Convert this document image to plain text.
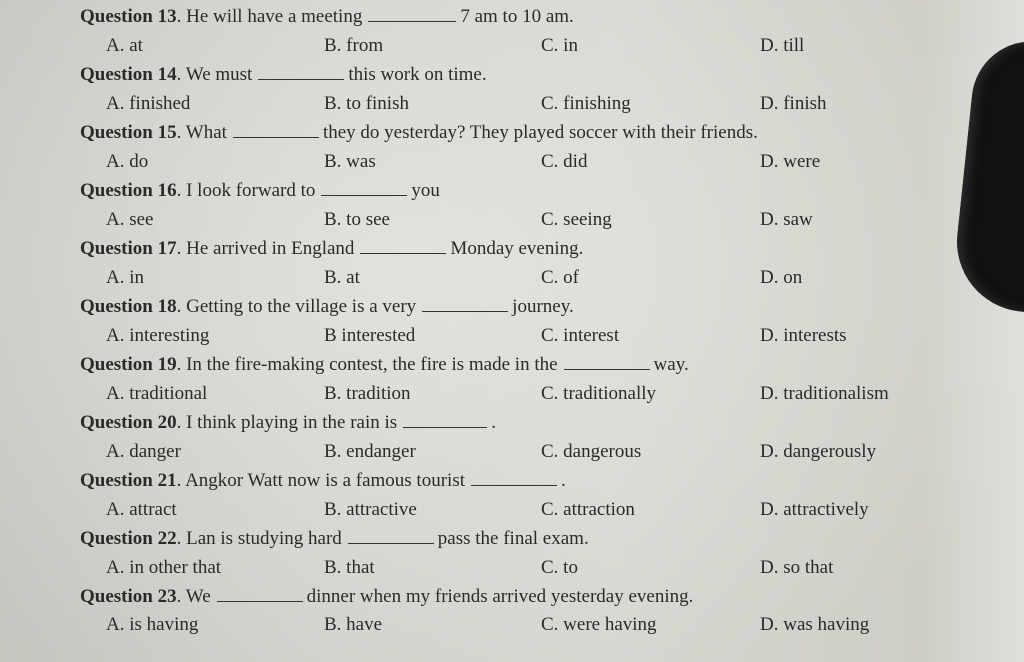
Question 13. He will have a meeting	7 am to 10 am.
A. at	B. from	C. in	D. till
Question 14. We must	this work on time.
A. finished	B. to finish	C. finishing	D. finish
Question 15. What	they do yesterday? They played soccer with their friends.
A. do	B. was	C. did	D. were
Question 16. I look forward to	you
A. see	B. to see	C. seeing	D. saw
Question 17. He arrived in England	Monday evening.
A. in	B. at	C. of	D. on
Question 18. Getting to the village is a very	journey.
A. interesting	B interested	C. interest	D. interests
Question 19. In the fire-making contest, the fire is made in the	way.
A. traditional	B. tradition	C. traditionally	D. traditionalism
Question 20. I think playing in the rain is	.
A. danger	B. endanger	C. dangerous	D. dangerously
Question 21. Angkor Watt now is a famous tourist	.
A. attract	B. attractive	C. attraction	D. attractively
Question 22. Lan is studying hard	pass the final exam.
A. in other that	B. that	C. to	D. so that
Question 23. We	dinner when my friends arrived yesterday evening.
A. is having	B. have	C. were having	D. was having
